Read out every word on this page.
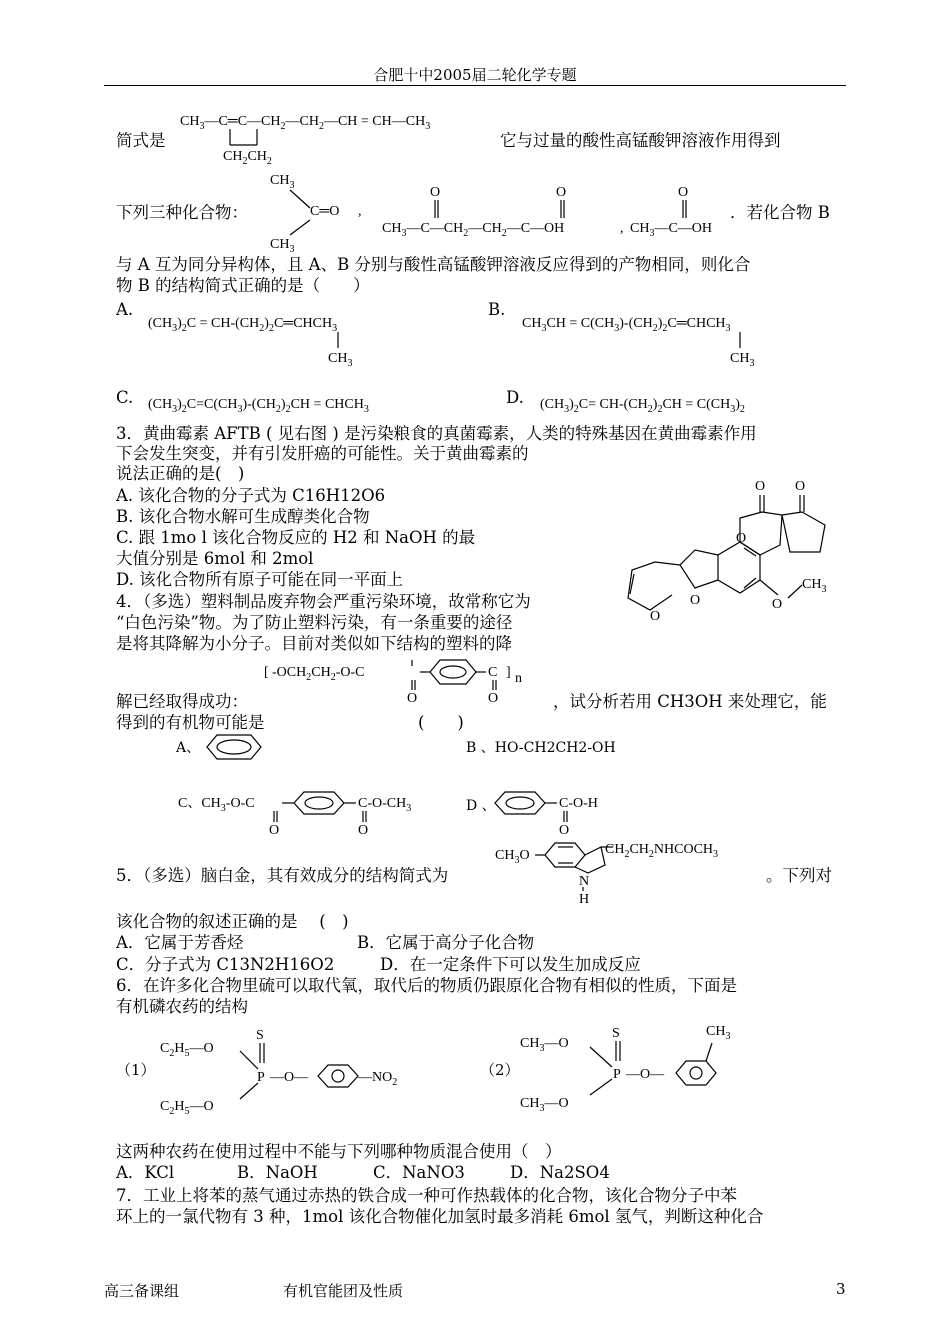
合肥十中2005届二轮化学专题
$CH_3—C═C—CH_2—CH_2—CH$ = $CH—CH_3$
$CH_2CH_2$
简式是	它与过量的酸性高锰酸钾溶液作用得到
下列三种化合物：
$CH_3$
C═O
$CH_3$
,
O	O
$CH_3—C—CH_2—CH_2—C—OH$	,
O
$CH_3—C—OH$
．若化合物 B
与 A 互为同分异构体，且 A、B 分别与酸性高锰酸钾溶液反应得到的产物相同，则化合
物 B 的结构简式正确的是（　　）
A.
$(CH_3)_2C$ = $CH-(CH_2)_2C═CHCH_3$
$CH_3$
B.
$CH_3CH$ = $C(CH_3)-(CH_2)_2C═CHCH_3$
$CH_3$
C. $(CH_3)_2C=C(CH_3)-(CH_2)_2CH$ = $CHCH_3$
D. $(CH_3)_2C= CH-(CH_2)_2CH = C(CH_3)_2$
3．黄曲霉素 AFTB ( 见右图 ) 是污染粮食的真菌霉素，人类的特殊基因在黄曲霉素作用
下会发生突变，并有引发肝癌的可能性。关于黄曲霉素的
说法正确的是(　)
A. 该化合物的分子式为 C16H12O6
B. 该化合物水解可生成醇类化合物
C. 跟 1mo l 该化合物反应的 H2 和 NaOH 的最
大值分别是 6mol 和 2mol
D. 该化合物所有原子可能在同一平面上
O O
O
O
$CH_3$
O
O
4．（多选）塑料制品废弃物会严重污染环境，故常称它为
“白色污染”物。为了防止塑料污染，有一条重要的途径
是将其降解为小分子。目前对类似如下结构的塑料的降
[ $-OCH_2CH_2-O-C$
O
C
O
] n
解已经取得成功：	，试分析若用 CH3OH 来处理它，能
得到的有机物可能是	(　　)
A、	B 、HO-CH2CH2-OH
C、$CH_3-O-C$
O
$C-O-CH_3$
O
D 、	C-O-H
O
$CH_3O$
N
H
$CH_2CH_2NHCOCH_3$
5．（多选）脑白金，其有效成分的结构简式为	。下列对
该化合物的叙述正确的是　 (　)
A．它属于芳香烃	B．它属于高分子化合物
C．分子式为 C13N2H16O2	D．在一定条件下可以发生加成反应
6．在许多化合物里硫可以取代氧，取代后的物质仍跟原化合物有相似的性质，下面是
有机磷农药的结构
（1）
$C_2H_5—O$
$C_2H_5—O$
S
P —O—	$—NO_2$
（2）
$CH_3—O$
$CH_3—O$
S
P —O—
$CH_3$
这两种农药在使用过程中不能与下列哪种物质混合使用（　）
A．KCl	B．NaOH	C．NaNO3	D．Na2SO4
7．工业上将苯的蒸气通过赤热的铁合成一种可作热载体的化合物，该化合物分子中苯
环上的一氯代物有 3 种，1mol 该化合物催化加氢时最多消耗 6mol 氢气，判断这种化合
高三备课组	有机官能团及性质	3
